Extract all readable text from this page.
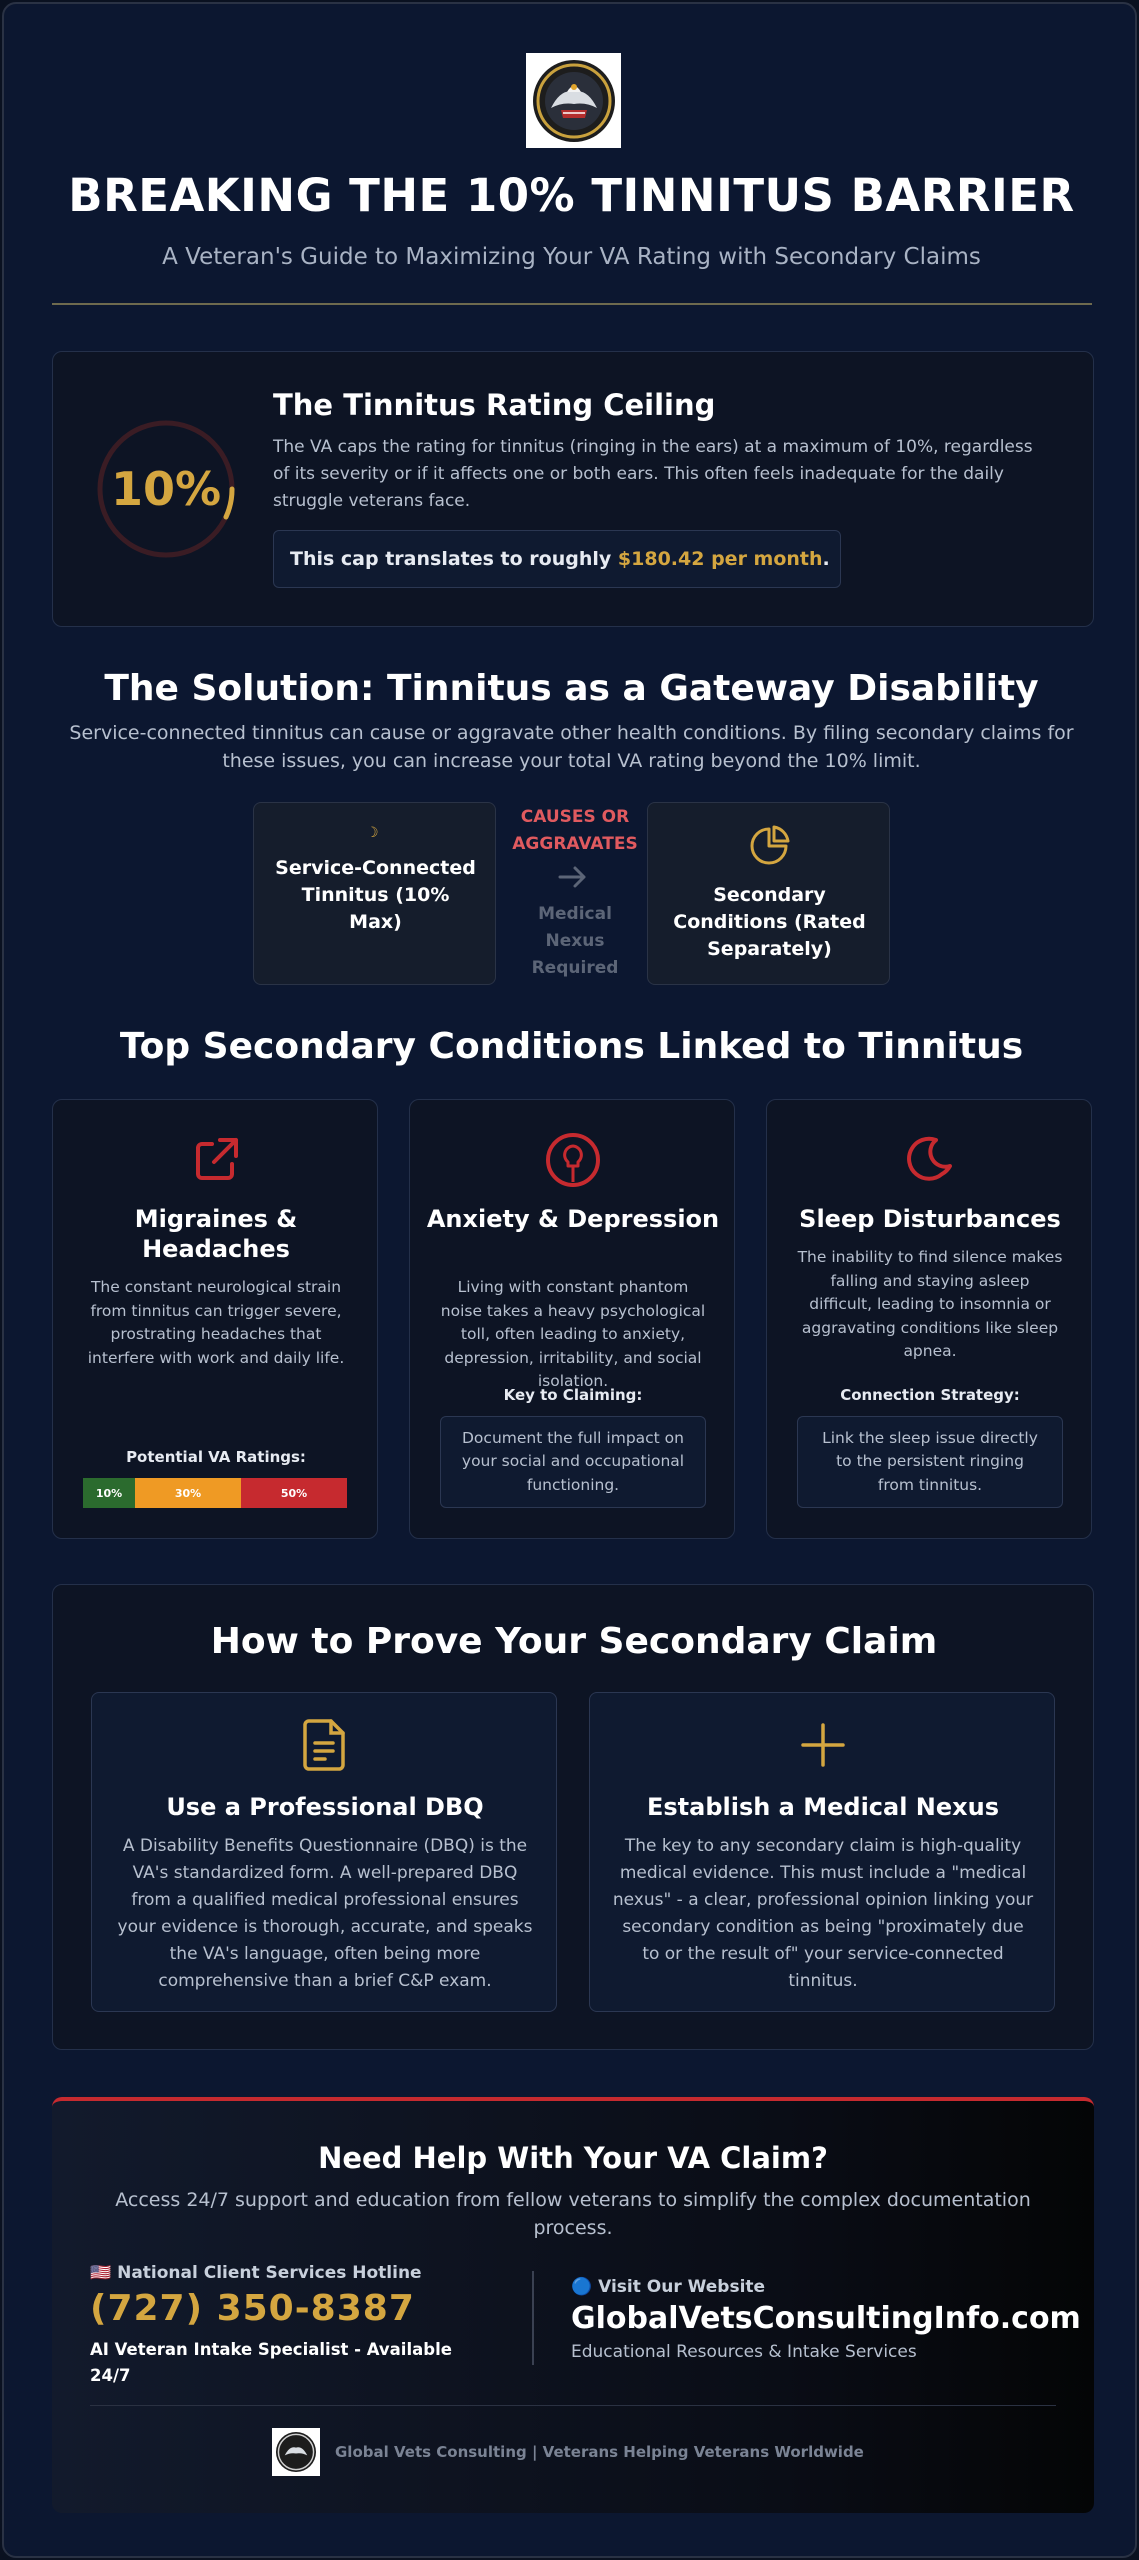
BREAKING THE 10% TINNITUS BARRIER
A Veteran's Guide to Maximizing Your VA Rating with Secondary Claims
10%
The Tinnitus Rating Ceiling
The VA caps the rating for tinnitus (ringing in the ears) at a maximum of 10%, regardless of its severity or if it affects one or both ears. This often feels inadequate for the daily struggle veterans face.
This cap translates to roughly
$180.42 per month .
The Solution: Tinnitus as a Gateway Disability
Service-connected tinnitus can cause or aggravate other health conditions. By filing secondary claims for these issues, you can increase your total VA rating beyond the 10% limit.
☽
Service-Connected Tinnitus (10% Max)
CAUSES OR AGGRAVATES
Medical Nexus Required
Secondary Conditions (Rated Separately)
Top Secondary Conditions Linked to Tinnitus
Migraines & Headaches
The constant neurological strain from tinnitus can trigger severe, prostrating headaches that interfere with work and daily life.
Potential VA Ratings:
10%	30%	50%
Anxiety & Depression
Living with constant phantom noise takes a heavy psychological toll, often leading to anxiety, depression, irritability, and social isolation.
Key to Claiming:
Document the full impact on your social and occupational functioning.
Sleep Disturbances
The inability to find silence makes falling and staying asleep difficult, leading to insomnia or aggravating conditions like sleep apnea.
Connection Strategy:
Link the sleep issue directly to the persistent ringing from tinnitus.
How to Prove Your Secondary Claim
Use a Professional DBQ
A Disability Benefits Questionnaire (DBQ) is the VA's standardized form. A well-prepared DBQ from a qualified medical professional ensures your evidence is thorough, accurate, and speaks the VA's language, often being more comprehensive than a brief C&P exam.
Establish a Medical Nexus
The key to any secondary claim is high-quality medical evidence. This must include a "medical nexus" - a clear, professional opinion linking your secondary condition as being "proximately due to or the result of" your service-connected tinnitus.
Need Help With Your VA Claim?
Access 24/7 support and education from fellow veterans to simplify the complex documentation process.
🇺🇸 National Client Services Hotline
(727) 350-8387
AI Veteran Intake Specialist - Available 24/7
🔵 Visit Our Website
GlobalVetsConsultingInfo.com
Educational Resources & Intake Services
Global Vets Consulting | Veterans Helping Veterans Worldwide
